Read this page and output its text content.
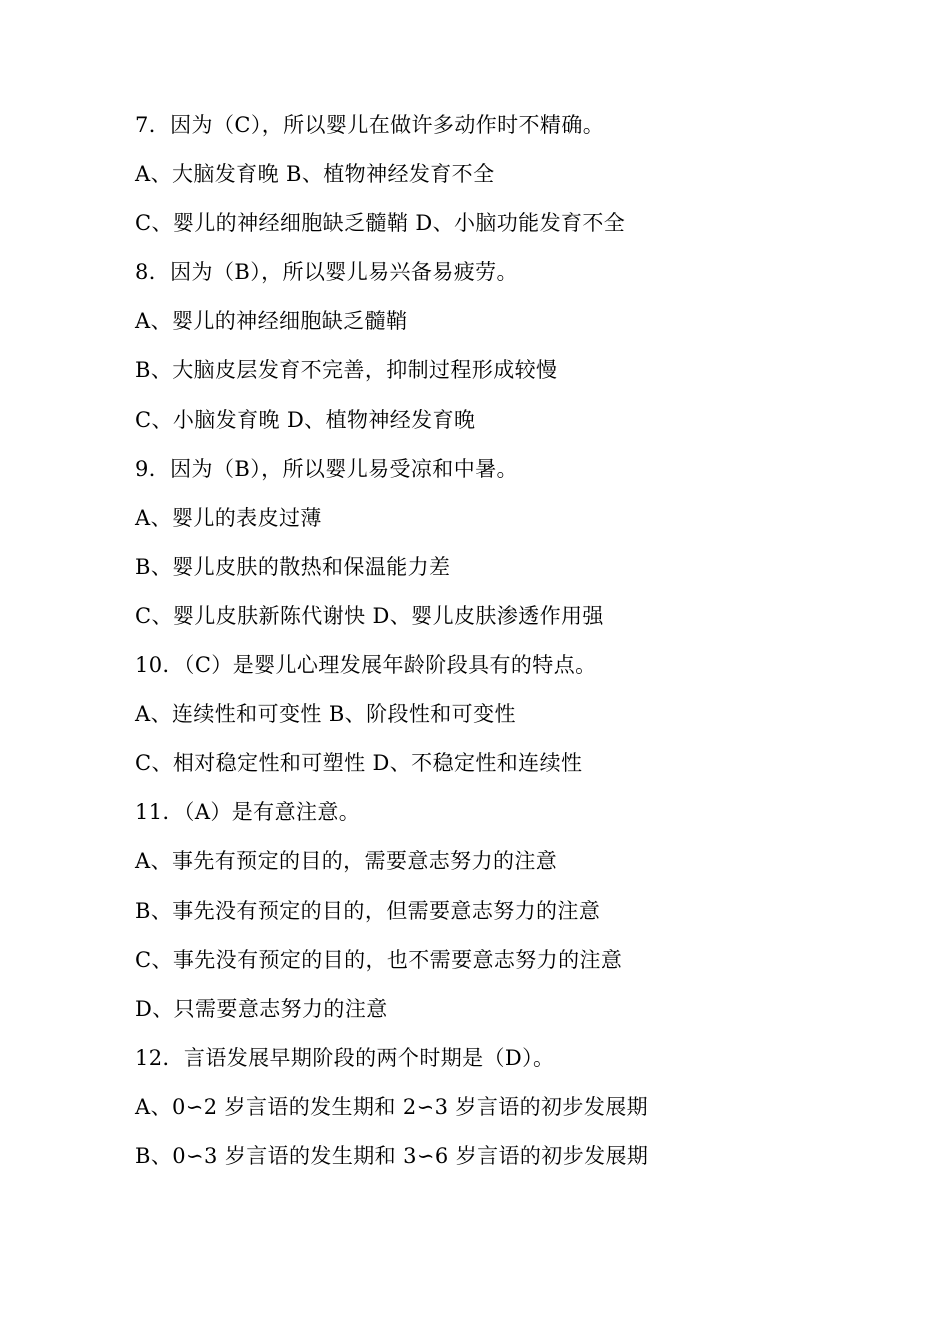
7．因为（C），所以婴儿在做许多动作时不精确。
A、大脑发育晚 B、植物神经发育不全
C、婴儿的神经细胞缺乏髓鞘 D、小脑功能发育不全
8．因为（B），所以婴儿易兴备易疲劳。
A、婴儿的神经细胞缺乏髓鞘
B、大脑皮层发育不完善，抑制过程形成较慢
C、小脑发育晚 D、植物神经发育晚
9．因为（B），所以婴儿易受凉和中暑。
A、婴儿的表皮过薄
B、婴儿皮肤的散热和保温能力差
C、婴儿皮肤新陈代谢快 D、婴儿皮肤渗透作用强
10．（C）是婴儿心理发展年龄阶段具有的特点。
A、连续性和可变性 B、阶段性和可变性
C、相对稳定性和可塑性 D、不稳定性和连续性
11．（A）是有意注意。
A、事先有预定的目的，需要意志努力的注意
B、事先没有预定的目的，但需要意志努力的注意
C、事先没有预定的目的，也不需要意志努力的注意
D、只需要意志努力的注意
12．言语发展早期阶段的两个时期是（D）。
A、0∽2 岁言语的发生期和 2∽3 岁言语的初步发展期
B、0∽3 岁言语的发生期和 3∽6 岁言语的初步发展期
